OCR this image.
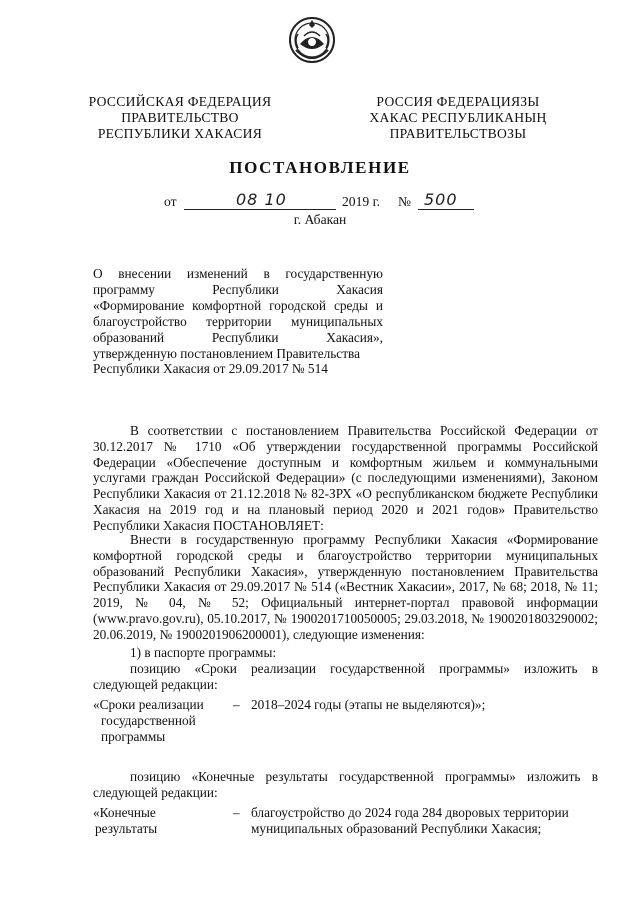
РОССИЙСКАЯ ФЕДЕРАЦИЯ
ПРАВИТЕЛЬСТВО
РЕСПУБЛИКИ ХАКАСИЯ
РОССИЯ ФЕДЕРАЦИЯЗЫ
ХАКАС РЕСПУБЛИКАНЫҢ
ПРАВИТЕЛЬСТВОЗЫ
ПОСТАНОВЛЕНИЕ
от	08 10	2019 г. № 500
г. Абакан
О внесении изменений в государственную
программу Республики Хакасия
«Формирование комфортной городской среды и
благоустройство территории муниципальных
образований Республики Хакасия»,
утвержденную постановлением Правительства
Республики Хакасия от 29.09.2017 № 514
В соответствии с постановлением Правительства Российской Федерации от 30.12.2017 № 1710 «Об утверждении государственной программы Российской Федерации «Обеспечение доступным и комфортным жильем и коммунальными услугами граждан Российской Федерации» (с последующими изменениями), Законом Республики Хакасия от 21.12.2018 № 82-ЗРХ «О республиканском бюджете Республики Хакасия на 2019 год и на плановый период 2020 и 2021 годов» Правительство Республики Хакасия ПОСТАНОВЛЯЕТ:
Внести в государственную программу Республики Хакасия «Формирование комфортной городской среды и благоустройство территории муниципальных образований Республики Хакасия», утвержденную постановлением Правительства Республики Хакасия от 29.09.2017 № 514 («Вестник Хакасии», 2017, № 68; 2018, № 11; 2019, № 04, № 52; Официальный интернет-портал правовой информации (www.pravo.gov.ru), 05.10.2017, № 1900201710050005; 29.03.2018, № 1900201803290002; 20.06.2019, № 1900201906200001), следующие изменения:
1) в паспорте программы:
позицию «Сроки реализации государственной программы» изложить в следующей редакции:
«Сроки реализации
государственной
программы
– 2018–2024 годы (этапы не выделяются)»;
позицию «Конечные результаты государственной программы» изложить в следующей редакции:
«Конечные
результаты
– благоустройство до 2024 года 284 дворовых территории
муниципальных образований Республики Хакасия;
